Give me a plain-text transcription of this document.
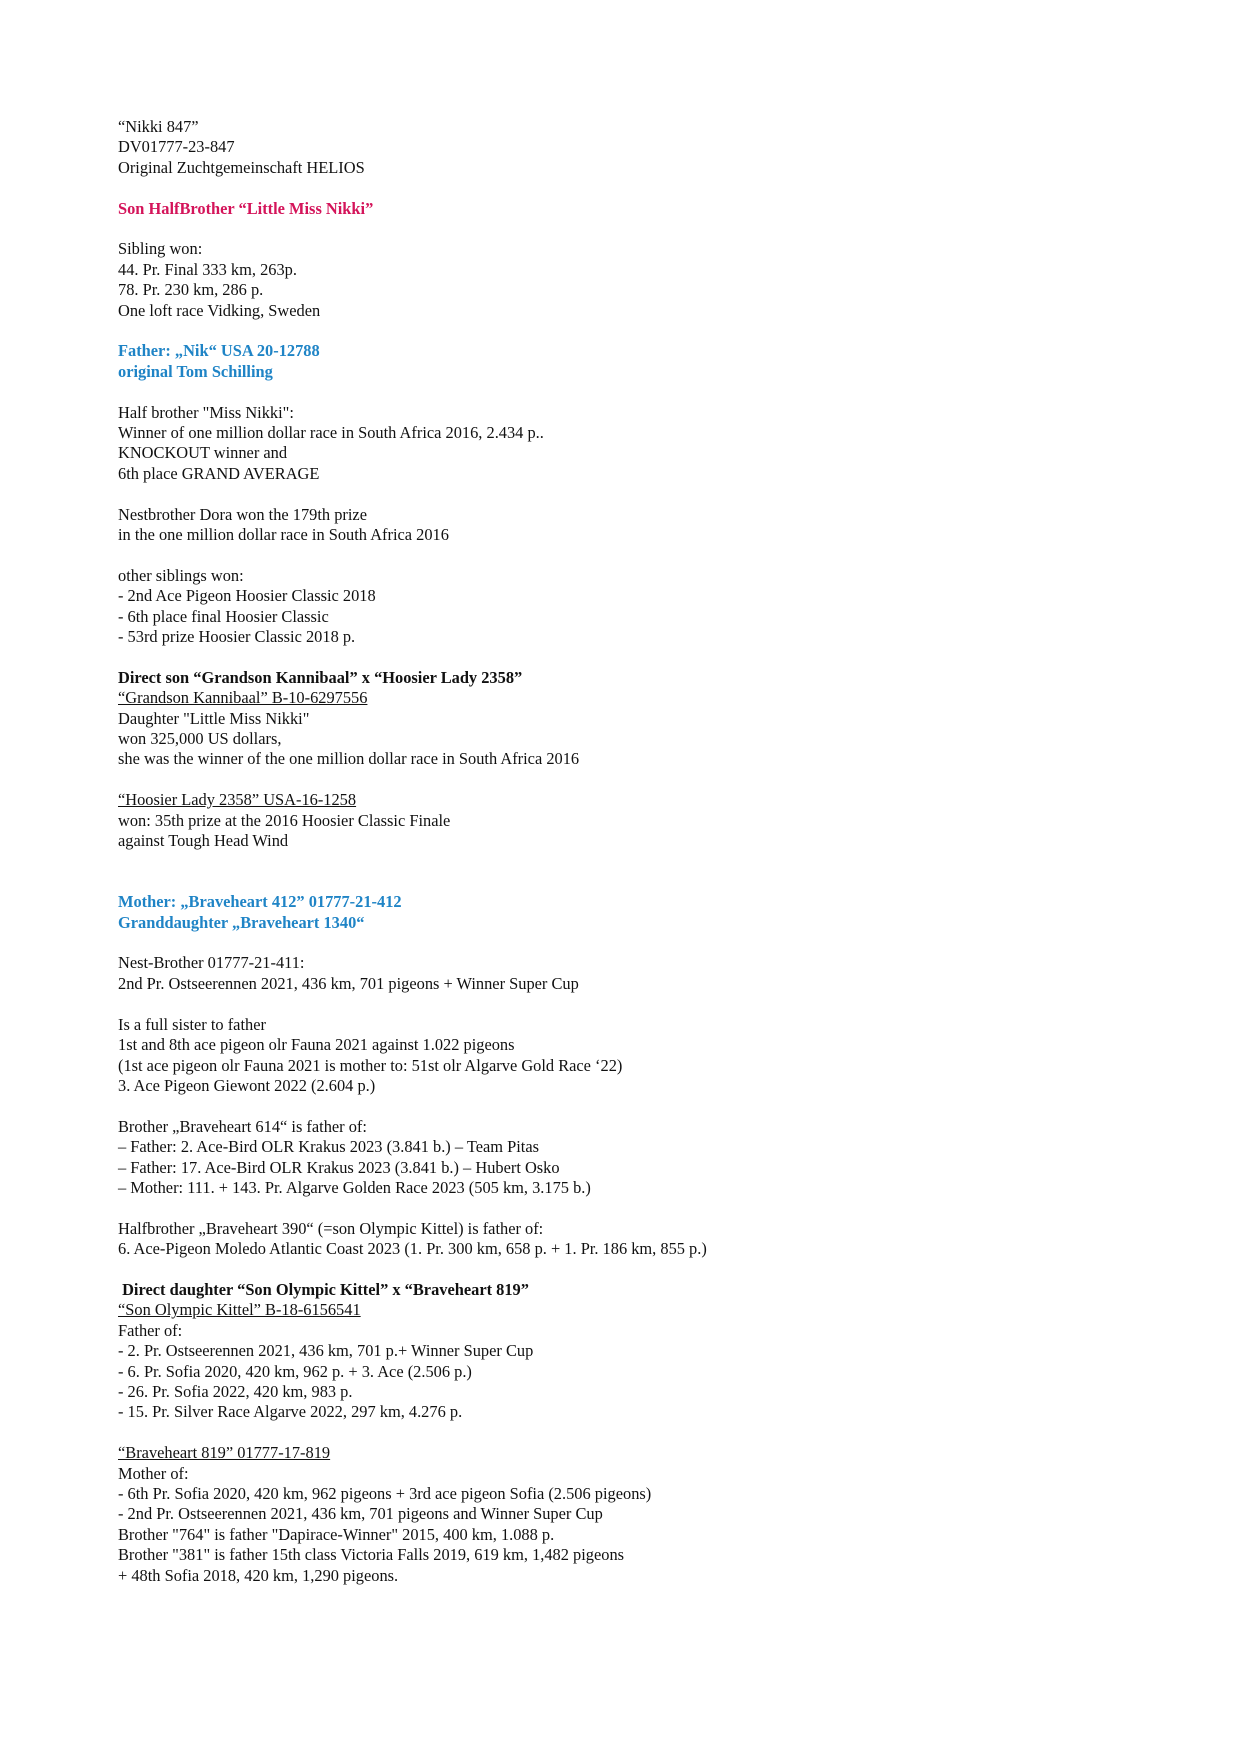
“Nikki 847”
DV01777-23-847
Original Zuchtgemeinschaft HELIOS
Son HalfBrother “Little Miss Nikki”
Sibling won:
44. Pr. Final 333 km, 263p.
78. Pr. 230 km, 286 p.
One loft race Vidking, Sweden
Father: „Nik“ USA 20-12788
original Tom Schilling
Half brother "Miss Nikki":
Winner of one million dollar race in South Africa 2016, 2.434 p..
KNOCKOUT winner and
6th place GRAND AVERAGE
Nestbrother Dora won the 179th prize
in the one million dollar race in South Africa 2016
other siblings won:
- 2nd Ace Pigeon Hoosier Classic 2018
- 6th place final Hoosier Classic
- 53rd prize Hoosier Classic 2018 p.
Direct son “Grandson Kannibaal” x “Hoosier Lady 2358”
“Grandson Kannibaal” B-10-6297556
Daughter "Little Miss Nikki"
won 325,000 US dollars,
she was the winner of the one million dollar race in South Africa 2016
“Hoosier Lady 2358” USA-16-1258
won: 35th prize at the 2016 Hoosier Classic Finale
against Tough Head Wind
Mother: „Braveheart 412” 01777-21-412
Granddaughter „Braveheart 1340“
Nest-Brother 01777-21-411:
2nd Pr. Ostseerennen 2021, 436 km, 701 pigeons + Winner Super Cup
Is a full sister to father
1st and 8th ace pigeon olr Fauna 2021 against 1.022 pigeons
(1st ace pigeon olr Fauna 2021 is mother to: 51st olr Algarve Gold Race ‘22)
3. Ace Pigeon Giewont 2022 (2.604 p.)
Brother „Braveheart 614“ is father of:
– Father: 2. Ace-Bird OLR Krakus 2023 (3.841 b.) – Team Pitas
– Father: 17. Ace-Bird OLR Krakus 2023 (3.841 b.) – Hubert Osko
– Mother: 111. + 143. Pr. Algarve Golden Race 2023 (505 km, 3.175 b.)
Halfbrother „Braveheart 390“ (=son Olympic Kittel) is father of:
6. Ace-Pigeon Moledo Atlantic Coast 2023 (1. Pr. 300 km, 658 p. + 1. Pr. 186 km, 855 p.)
Direct daughter “Son Olympic Kittel” x “Braveheart 819”
“Son Olympic Kittel” B-18-6156541
Father of:
- 2. Pr. Ostseerennen 2021, 436 km, 701 p.+ Winner Super Cup
- 6. Pr. Sofia 2020, 420 km, 962 p. + 3. Ace (2.506 p.)
- 26. Pr. Sofia 2022, 420 km, 983 p.
- 15. Pr. Silver Race Algarve 2022, 297 km, 4.276 p.
“Braveheart 819” 01777-17-819
Mother of:
- 6th Pr. Sofia 2020, 420 km, 962 pigeons + 3rd ace pigeon Sofia (2.506 pigeons)
- 2nd Pr. Ostseerennen 2021, 436 km, 701 pigeons and Winner Super Cup
Brother "764" is father "Dapirace-Winner" 2015, 400 km, 1.088 p.
Brother "381" is father 15th class Victoria Falls 2019, 619 km, 1,482 pigeons
+ 48th Sofia 2018, 420 km, 1,290 pigeons.
